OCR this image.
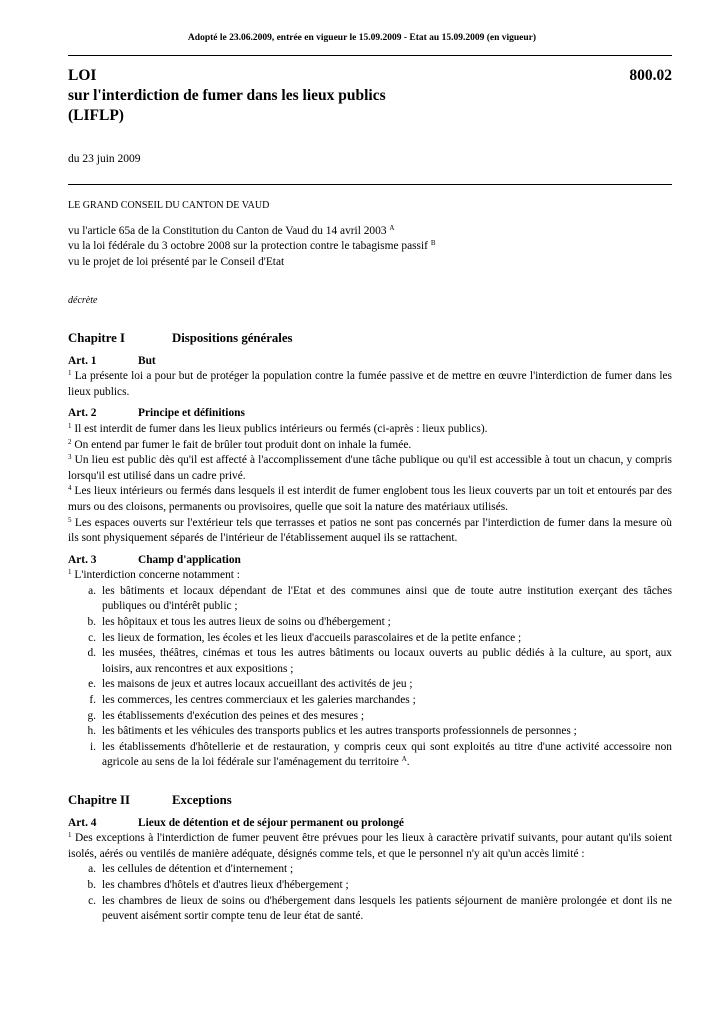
Adopté le 23.06.2009, entrée en vigueur le 15.09.2009 - Etat au 15.09.2009 (en vigueur)
LOI
sur l'interdiction de fumer dans les lieux publics
(LIFLP)
800.02
du 23 juin 2009

LE GRAND CONSEIL DU CANTON DE VAUD

vu l'article 65a de la Constitution du Canton de Vaud du 14 avril 2003 $^A$
vu la loi fédérale du 3 octobre 2008 sur la protection contre le tabagisme passif $^B$
vu le projet de loi présenté par le Conseil d'Etat

décrète

Chapitre I	Dispositions générales

Art. 1	But

$^1$ La présente loi a pour but de protéger la population contre la fumée passive et de mettre en œuvre l'interdiction de fumer dans les lieux publics.

Art. 2	Principe et définitions

$^1$ Il est interdit de fumer dans les lieux publics intérieurs ou fermés (ci-après : lieux publics).

$^2$ On entend par fumer le fait de brûler tout produit dont on inhale la fumée.

$^3$ Un lieu est public dès qu'il est affecté à l'accomplissement d'une tâche publique ou qu'il est accessible à tout un chacun, y compris lorsqu'il est utilisé dans un cadre privé.

$^4$ Les lieux intérieurs ou fermés dans lesquels il est interdit de fumer englobent tous les lieux couverts par un toit et entourés par des murs ou des cloisons, permanents ou provisoires, quelle que soit la nature des matériaux utilisés.

$^5$ Les espaces ouverts sur l'extérieur tels que terrasses et patios ne sont pas concernés par l'interdiction de fumer dans la mesure où ils sont physiquement séparés de l'intérieur de l'établissement auquel ils se rattachent.

Art. 3	Champ d'application

$^1$ L'interdiction concerne notamment :

a. les bâtiments et locaux dépendant de l'Etat et des communes ainsi que de toute autre institution exerçant des tâches publiques ou d'intérêt public ;
b. les hôpitaux et tous les autres lieux de soins ou d'hébergement ;
c. les lieux de formation, les écoles et les lieux d'accueils parascolaires et de la petite enfance ;
d. les musées, théâtres, cinémas et tous les autres bâtiments ou locaux ouverts au public dédiés à la culture, au sport, aux loisirs, aux rencontres et aux expositions ;
e. les maisons de jeux et autres locaux accueillant des activités de jeu ;
f. les commerces, les centres commerciaux et les galeries marchandes ;
g. les établissements d'exécution des peines et des mesures ;
h. les bâtiments et les véhicules des transports publics et les autres transports professionnels de personnes ;
i. les établissements d'hôtellerie et de restauration, y compris ceux qui sont exploités au titre d'une activité accessoire non agricole au sens de la loi fédérale sur l'aménagement du territoire $^A$.

Chapitre II	Exceptions

Art. 4	Lieux de détention et de séjour permanent ou prolongé

$^1$ Des exceptions à l'interdiction de fumer peuvent être prévues pour les lieux à caractère privatif suivants, pour autant qu'ils soient isolés, aérés ou ventilés de manière adéquate, désignés comme tels, et que le personnel n'y ait qu'un accès limité :

a. les cellules de détention et d'internement ;
b. les chambres d'hôtels et d'autres lieux d'hébergement ;
c. les chambres de lieux de soins ou d'hébergement dans lesquels les patients séjournent de manière prolongée et dont ils ne peuvent aisément sortir compte tenu de leur état de santé.
